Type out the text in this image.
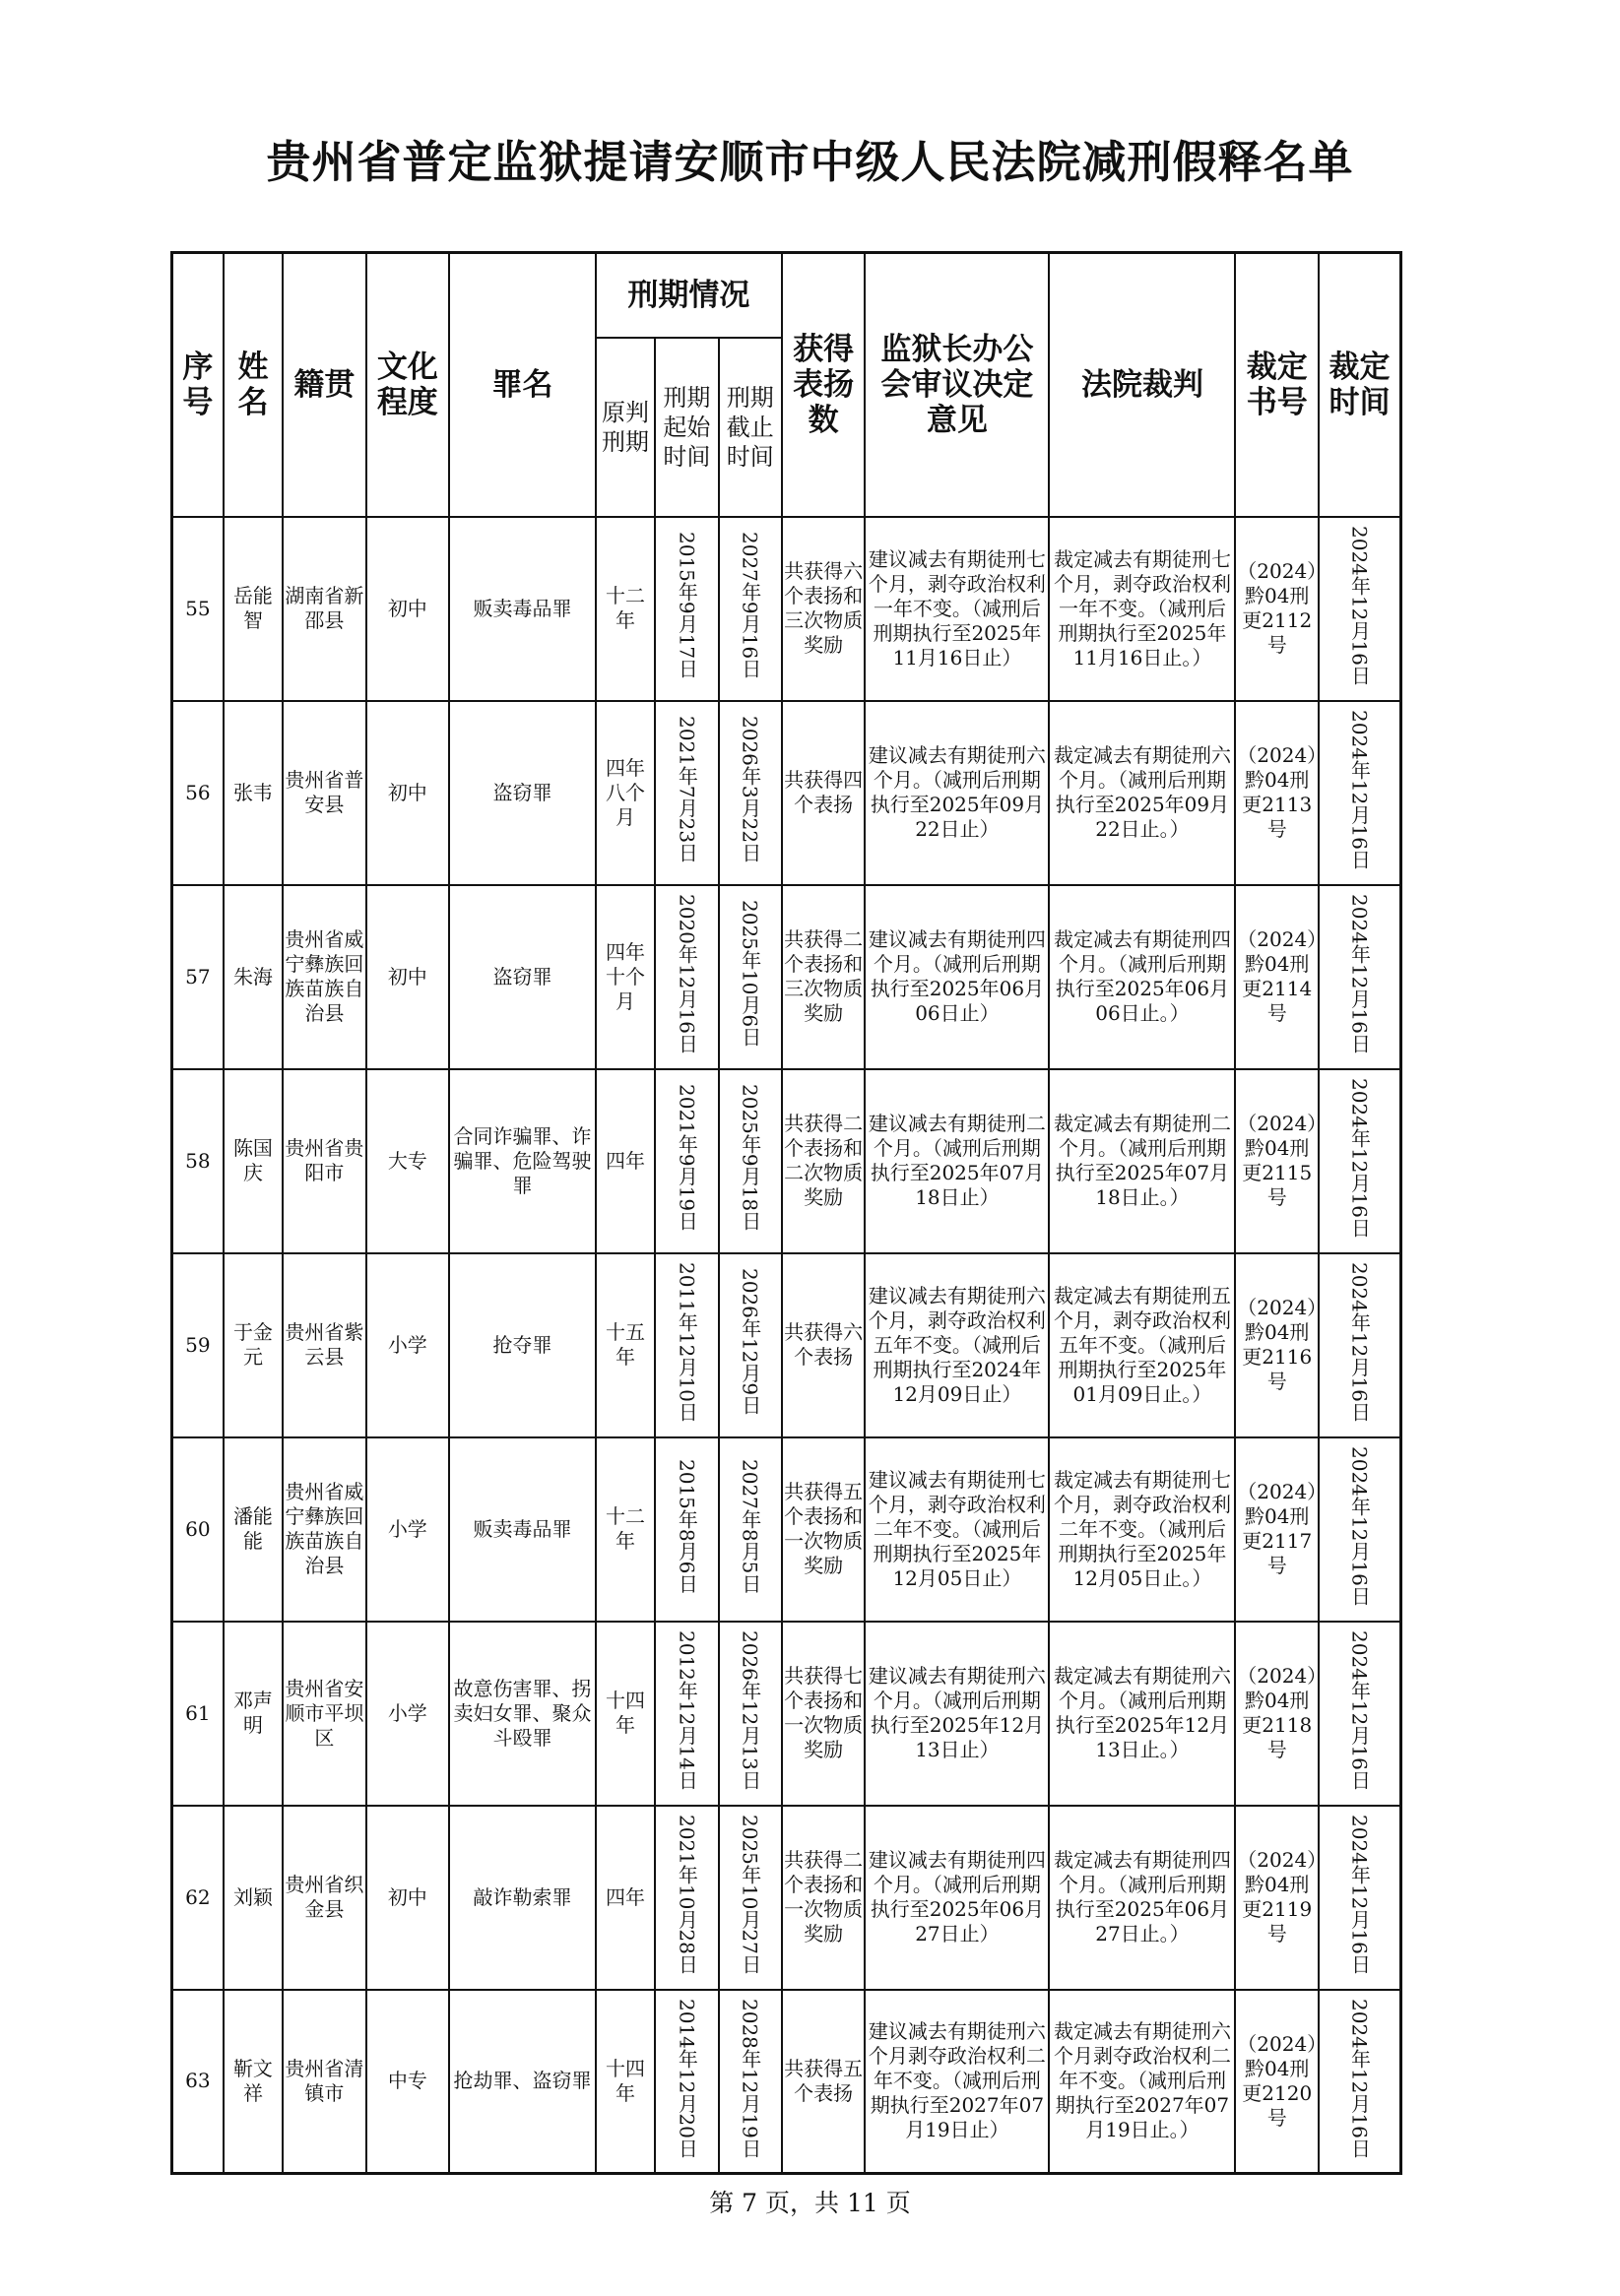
贵州省普定监狱提请安顺市中级人民法院减刑假释名单
序号	姓名	籍贯	文化程度	罪名	刑期情况			获得表扬数	监狱长办公会审议决定意见	法院裁判	裁定书号	裁定时间
					原判刑期	刑期起始时间	刑期截止时间					
55	岳能智	湖南省新邵县	初中	贩卖毒品罪	十二年	2015年9月17日	2027年9月16日	共获得六个表扬和三次物质奖励	建议减去有期徒刑七个月，剥夺政治权利一年不变。（减刑后刑期执行至2025年11月16日止）	裁定减去有期徒刑七个月，剥夺政治权利一年不变。（减刑后刑期执行至2025年11月16日止。）	（2024）黔04刑更2112号	2024年12月16日
56	张韦	贵州省普安县	初中	盗窃罪	四年八个月	2021年7月23日	2026年3月22日	共获得四个表扬	建议减去有期徒刑六个月。（减刑后刑期执行至2025年09月22日止）	裁定减去有期徒刑六个月。（减刑后刑期执行至2025年09月22日止。）	（2024）黔04刑更2113号	2024年12月16日
57	朱海	贵州省威宁彝族回族苗族自治县	初中	盗窃罪	四年十个月	2020年12月16日	2025年10月6日	共获得二个表扬和三次物质奖励	建议减去有期徒刑四个月。（减刑后刑期执行至2025年06月06日止）	裁定减去有期徒刑四个月。（减刑后刑期执行至2025年06月06日止。）	（2024）黔04刑更2114号	2024年12月16日
58	陈国庆	贵州省贵阳市	大专	合同诈骗罪、诈骗罪、危险驾驶罪	四年	2021年9月19日	2025年9月18日	共获得二个表扬和二次物质奖励	建议减去有期徒刑二个月。（减刑后刑期执行至2025年07月18日止）	裁定减去有期徒刑二个月。（减刑后刑期执行至2025年07月18日止。）	（2024）黔04刑更2115号	2024年12月16日
59	于金元	贵州省紫云县	小学	抢夺罪	十五年	2011年12月10日	2026年12月9日	共获得六个表扬	建议减去有期徒刑六个月，剥夺政治权利五年不变。（减刑后刑期执行至2024年12月09日止）	裁定减去有期徒刑五个月，剥夺政治权利五年不变。（减刑后刑期执行至2025年01月09日止。）	（2024）黔04刑更2116号	2024年12月16日
60	潘能能	贵州省威宁彝族回族苗族自治县	小学	贩卖毒品罪	十二年	2015年8月6日	2027年8月5日	共获得五个表扬和一次物质奖励	建议减去有期徒刑七个月，剥夺政治权利二年不变。（减刑后刑期执行至2025年12月05日止）	裁定减去有期徒刑七个月，剥夺政治权利二年不变。（减刑后刑期执行至2025年12月05日止。）	（2024）黔04刑更2117号	2024年12月16日
61	邓声明	贵州省安顺市平坝区	小学	故意伤害罪、拐卖妇女罪、聚众斗殴罪	十四年	2012年12月14日	2026年12月13日	共获得七个表扬和一次物质奖励	建议减去有期徒刑六个月。（减刑后刑期执行至2025年12月13日止）	裁定减去有期徒刑六个月。（减刑后刑期执行至2025年12月13日止。）	（2024）黔04刑更2118号	2024年12月16日
62	刘颖	贵州省织金县	初中	敲诈勒索罪	四年	2021年10月28日	2025年10月27日	共获得二个表扬和一次物质奖励	建议减去有期徒刑四个月。（减刑后刑期执行至2025年06月27日止）	裁定减去有期徒刑四个月。（减刑后刑期执行至2025年06月27日止。）	（2024）黔04刑更2119号	2024年12月16日
63	靳文祥	贵州省清镇市	中专	抢劫罪、盗窃罪	十四年	2014年12月20日	2028年12月19日	共获得五个表扬	建议减去有期徒刑六个月剥夺政治权利二年不变。（减刑后刑期执行至2027年07月19日止）	裁定减去有期徒刑六个月剥夺政治权利二年不变。（减刑后刑期执行至2027年07月19日止。）	（2024）黔04刑更2120号	2024年12月16日
第 7 页，共 11 页
